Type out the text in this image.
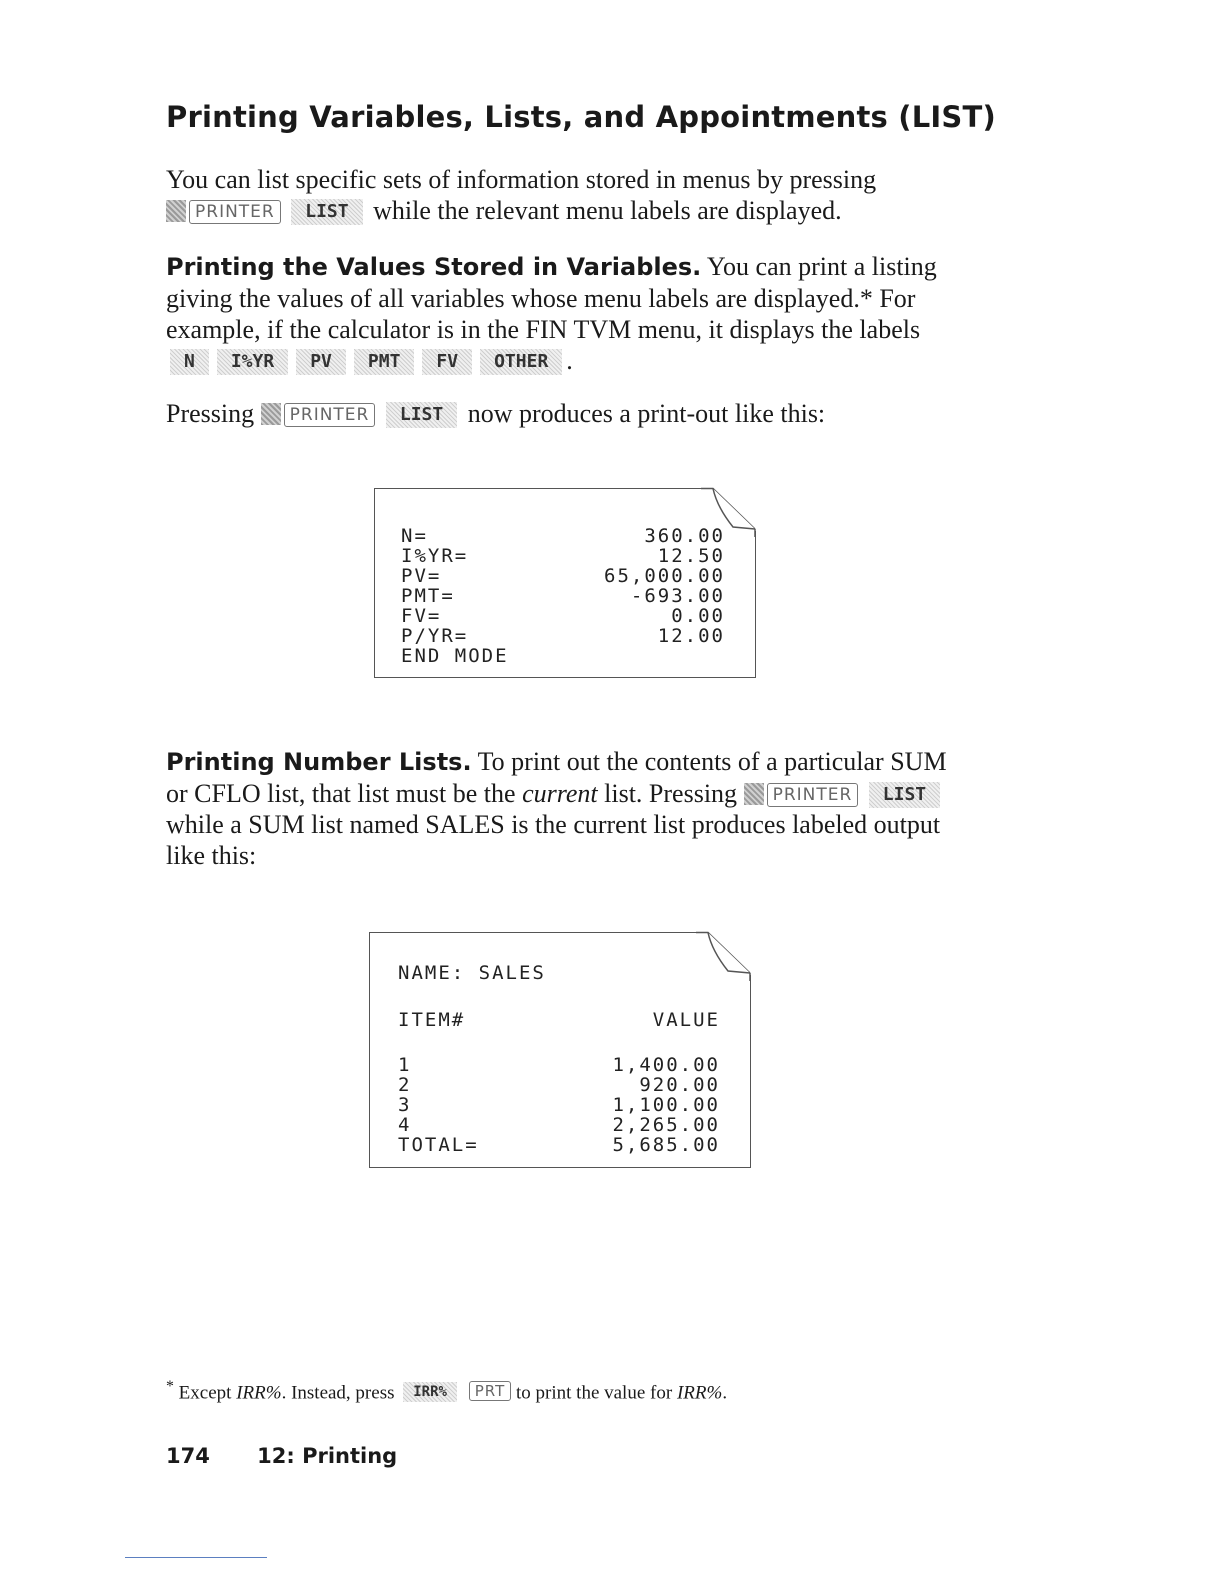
Printing Variables, Lists, and Appointments (LIST)

You can list specific sets of information stored in menus by pressing
PRINTER LIST while the relevant menu labels are displayed.

Printing the Values Stored in Variables. You can print a listing giving the values of all variables whose menu labels are displayed.* For example, if the calculator is in the FIN TVM menu, it displays the labels N I%YR PV PMT FV OTHER .

Pressing PRINTER LIST now produces a print-out like this:

N=	360.00
I%YR=	12.50
PV=	65,000.00
PMT=	-693.00
FV=	0.00
P/YR=	12.00
END MODE

Printing Number Lists. To print out the contents of a particular SUM or CFLO list, that list must be the current list. Pressing PRINTER LIST while a SUM list named SALES is the current list produces labeled output like this:

NAME: SALES
ITEM#	VALUE
1	1,400.00
2	920.00
3	1,100.00
4	2,265.00
TOTAL=	5,685.00

* Except IRR%. Instead, press IRR% PRT to print the value for IRR%.

174 12: Printing
